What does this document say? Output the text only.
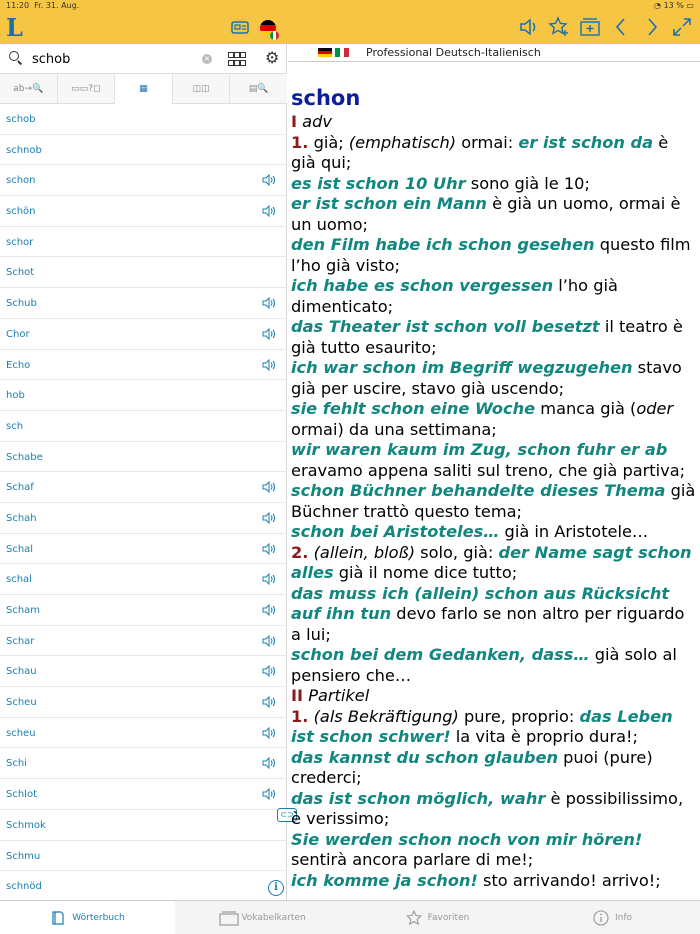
11:20 Fr. 31. Aug.	◔ 13 % ▭
L
schob
×	⚙
ab→🔍	▭▭?◻	▦	◫◫	▤🔍
schob
schnob
schon
schön
schor
Schot
Schub
Chor
Echo
hob
sch
Schabe
Schaf
Schah
Schal
schal
Scham
Schar
Schau
Scheu
scheu
Schi
Schlot
Schmok
Schmu
schnöd	i
⊂⊃
Professional Deutsch-Italienisch
schon

I adv

1. già; (emphatisch) ormai: er ist schon da è già qui;

es ist schon 10 Uhr sono già le 10;

er ist schon ein Mann è già un uomo, ormai è un uomo;

den Film habe ich schon gesehen questo film l’ho già visto;

ich habe es schon vergessen l’ho già dimenticato;

das Theater ist schon voll besetzt il teatro è già tutto esaurito;

ich war schon im Begriff wegzugehen stavo già per uscire, stavo già uscendo;

sie fehlt schon eine Woche manca già (oder ormai) da una settimana;

wir waren kaum im Zug, schon fuhr er ab eravamo appena saliti sul treno, che già partiva;

schon Büchner behandelte dieses Thema già Büchner trattò questo tema;

schon bei Aristoteles… già in Aristotele…

2. (allein, bloß) solo, già: der Name sagt schon alles già il nome dice tutto;

das muss ich (allein) schon aus Rücksicht auf ihn tun devo farlo se non altro per riguardo a lui;

schon bei dem Gedanken, dass… già solo al pensiero che…

II Partikel

1. (als Bekräftigung) pure, proprio: das Leben ist schon schwer! la vita è proprio dura!;

das kannst du schon glauben puoi (pure) crederci;

das ist schon möglich, wahr è possibilissimo, è verissimo;

Sie werden schon noch von mir hören! sentirà ancora parlare di me!;

ich komme ja schon! sto arrivando! arrivo!;

Wörterbuch	Vokabelkarten	Favoriten	Info
